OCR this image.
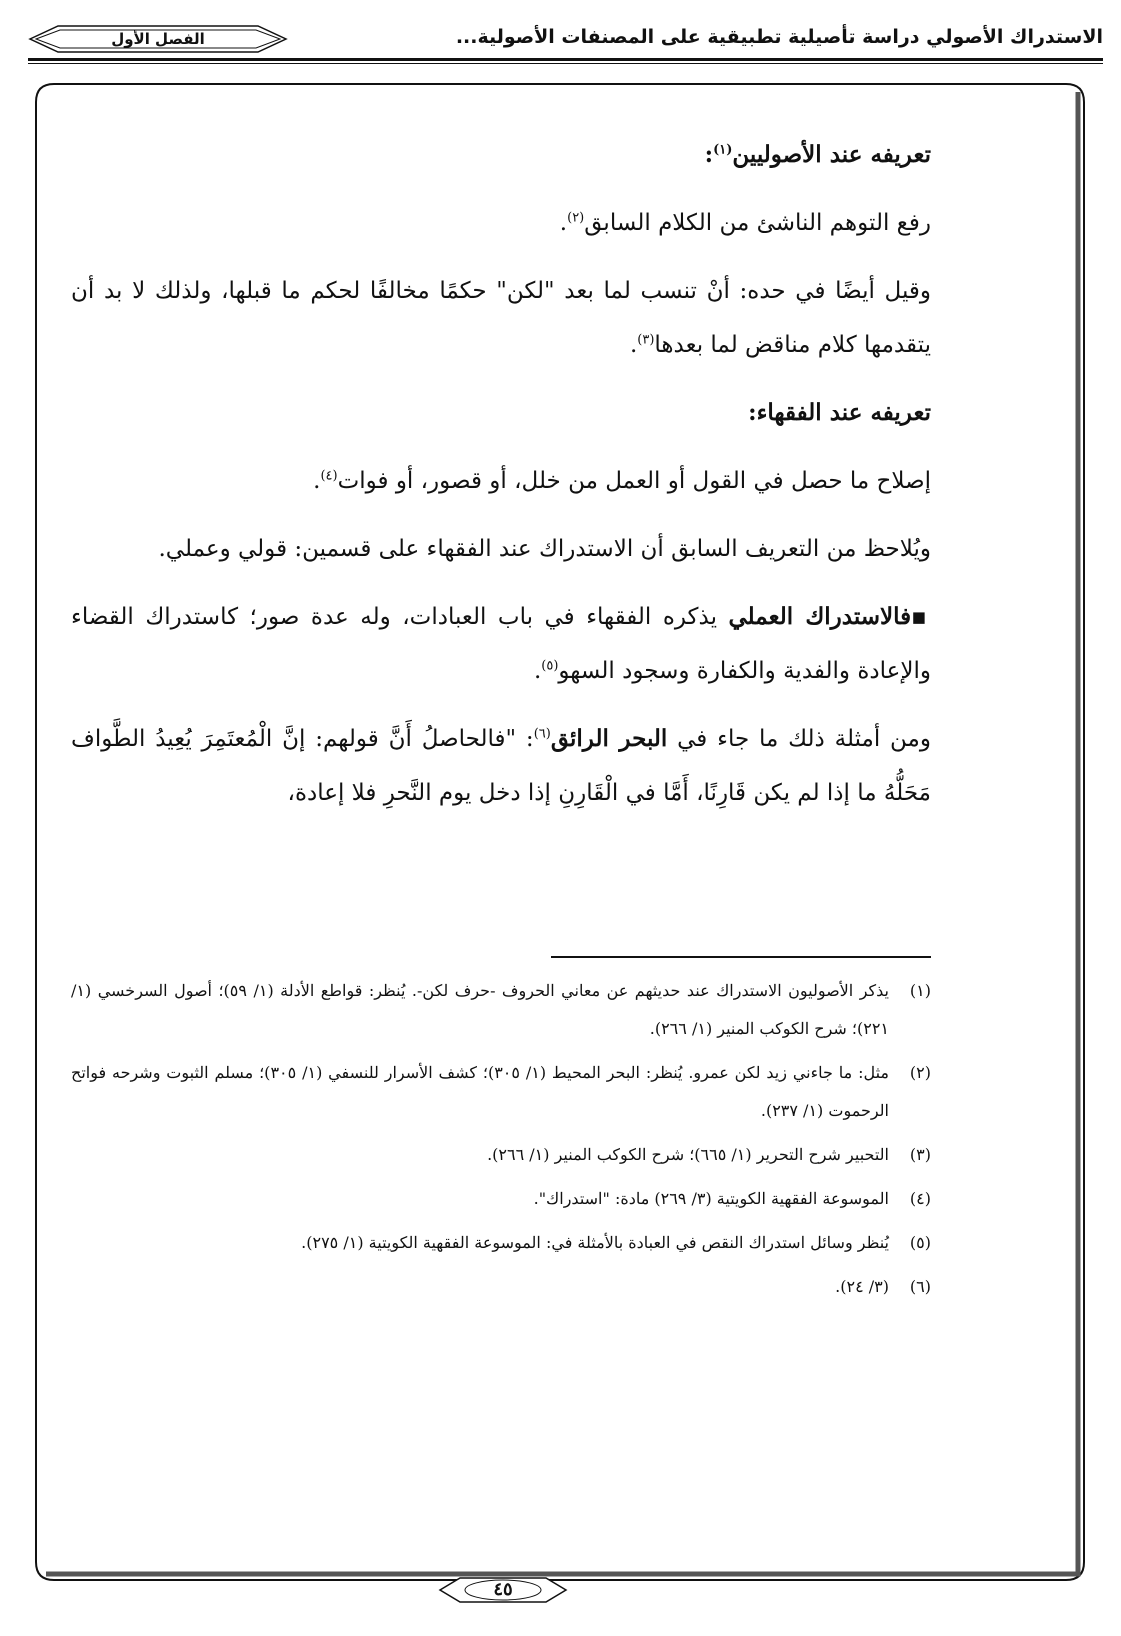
الاستدراك الأصولي دراسة تأصيلية تطبيقية على المصنفات الأصولية...
الفصل الأول

تعريفه عند الأصوليين$^{(١)}$:

رفع التوهم الناشئ من الكلام السابق$^{(٢)}$.

وقيل أيضًا في حده: أنْ تنسب لما بعد "لكن" حكمًا مخالفًا لحكم ما قبلها، ولذلك لا بد أن يتقدمها كلام مناقض لما بعدها$^{(٣)}$.

تعريفه عند الفقهاء:

إصلاح ما حصل في القول أو العمل من خلل، أو قصور، أو فوات$^{(٤)}$.

ويُلاحظ من التعريف السابق أن الاستدراك عند الفقهاء على قسمين: قولي وعملي.

▪فالاستدراك العملي يذكره الفقهاء في باب العبادات، وله عدة صور؛ كاستدراك القضاء والإعادة والفدية والكفارة وسجود السهو$^{(٥)}$.

ومن أمثلة ذلك ما جاء في البحر الرائق$^{(٦)}$: "فالحاصلُ أَنَّ قولهم: إنَّ الْمُعتَمِرَ يُعِيدُ الطَّواف مَحَلُّهُ ما إذا لم يكن قَارِنًا، أَمَّا في الْقَارِنِ إذا دخل يوم النَّحرِ فلا إعادة،

(١)
يذكر الأصوليون الاستدراك عند حديثهم عن معاني الحروف -حرف لكن-. يُنظر: قواطع الأدلة (١/ ٥٩)؛ أصول السرخسي (١/ ٢٢١)؛ شرح الكوكب المنير (١/ ٢٦٦).
(٢)
مثل: ما جاءني زيد لكن عمرو. يُنظر: البحر المحيط (١/ ٣٠٥)؛ كشف الأسرار للنسفي (١/ ٣٠٥)؛ مسلم الثبوت وشرحه فواتح الرحموت (١/ ٢٣٧).
(٣)
التحبير شرح التحرير (١/ ٦٦٥)؛ شرح الكوكب المنير (١/ ٢٦٦).
(٤)
الموسوعة الفقهية الكويتية (٣/ ٢٦٩) مادة: "استدراك".
(٥)
يُنظر وسائل استدراك النقص في العبادة بالأمثلة في: الموسوعة الفقهية الكويتية (١/ ٢٧٥).
(٦)
(٣/ ٢٤).
٤٥
